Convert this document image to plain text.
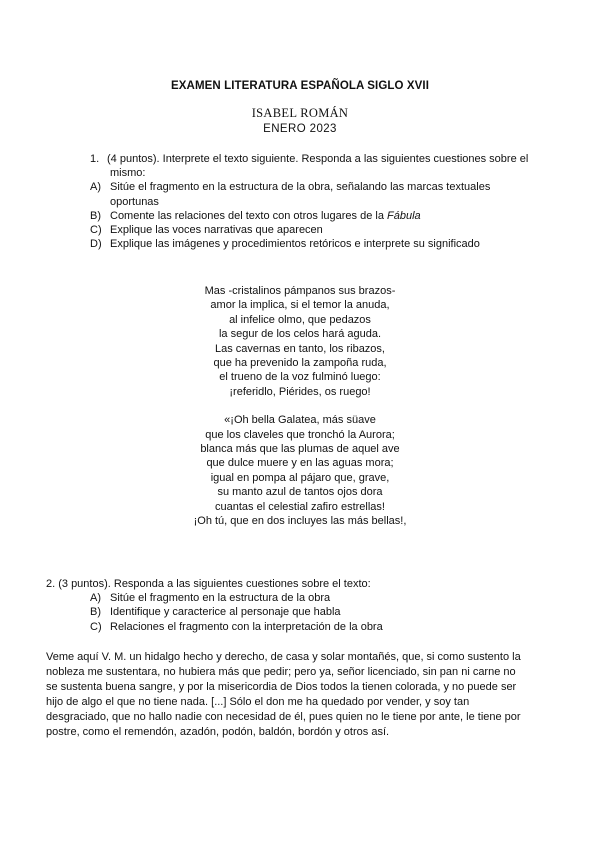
EXAMEN LITERATURA ESPAÑOLA SIGLO XVII
ISABEL ROMÁN
ENERO 2023
1. (4 puntos). Interprete el texto siguiente. Responda a las siguientes cuestiones sobre el mismo:
A) Sitúe el fragmento en la estructura de la obra, señalando las marcas textuales oportunas
B) Comente las relaciones del texto con otros lugares de la Fábula
C) Explique las voces narrativas que aparecen
D) Explique las imágenes y procedimientos retóricos e interprete su significado
Mas -cristalinos pámpanos sus brazos-
amor la implica, si el temor la anuda,
al infelice olmo, que pedazos
la segur de los celos hará aguda.
Las cavernas en tanto, los ribazos,
que ha prevenido la zampoña ruda,
el trueno de la voz fulminó luego:
¡referidlo, Piérides, os ruego!
«¡Oh bella Galatea, más süave
que los claveles que tronchó la Aurora;
blanca más que las plumas de aquel ave
que dulce muere y en las aguas mora;
igual en pompa al pájaro que, grave,
su manto azul de tantos ojos dora
cuantas el celestial zafiro estrellas!
¡Oh tú, que en dos incluyes las más bellas!,
2. (3 puntos). Responda a las siguientes cuestiones sobre el texto:
A) Sitúe el fragmento en la estructura de la obra
B) Identifique y caracterice al personaje que habla
C) Relaciones el fragmento con la interpretación de la obra
Veme aquí V. M. un hidalgo hecho y derecho, de casa y solar montañés, que, si como sustento la nobleza me sustentara, no hubiera más que pedir; pero ya, señor licenciado, sin pan ni carne no se sustenta buena sangre, y por la misericordia de Dios todos la tienen colorada, y no puede ser hijo de algo el que no tiene nada. [...] Sólo el don me ha quedado por vender, y soy tan desgraciado, que no hallo nadie con necesidad de él, pues quien no le tiene por ante, le tiene por postre, como el remendón, azadón, podón, baldón, bordón y otros así.
